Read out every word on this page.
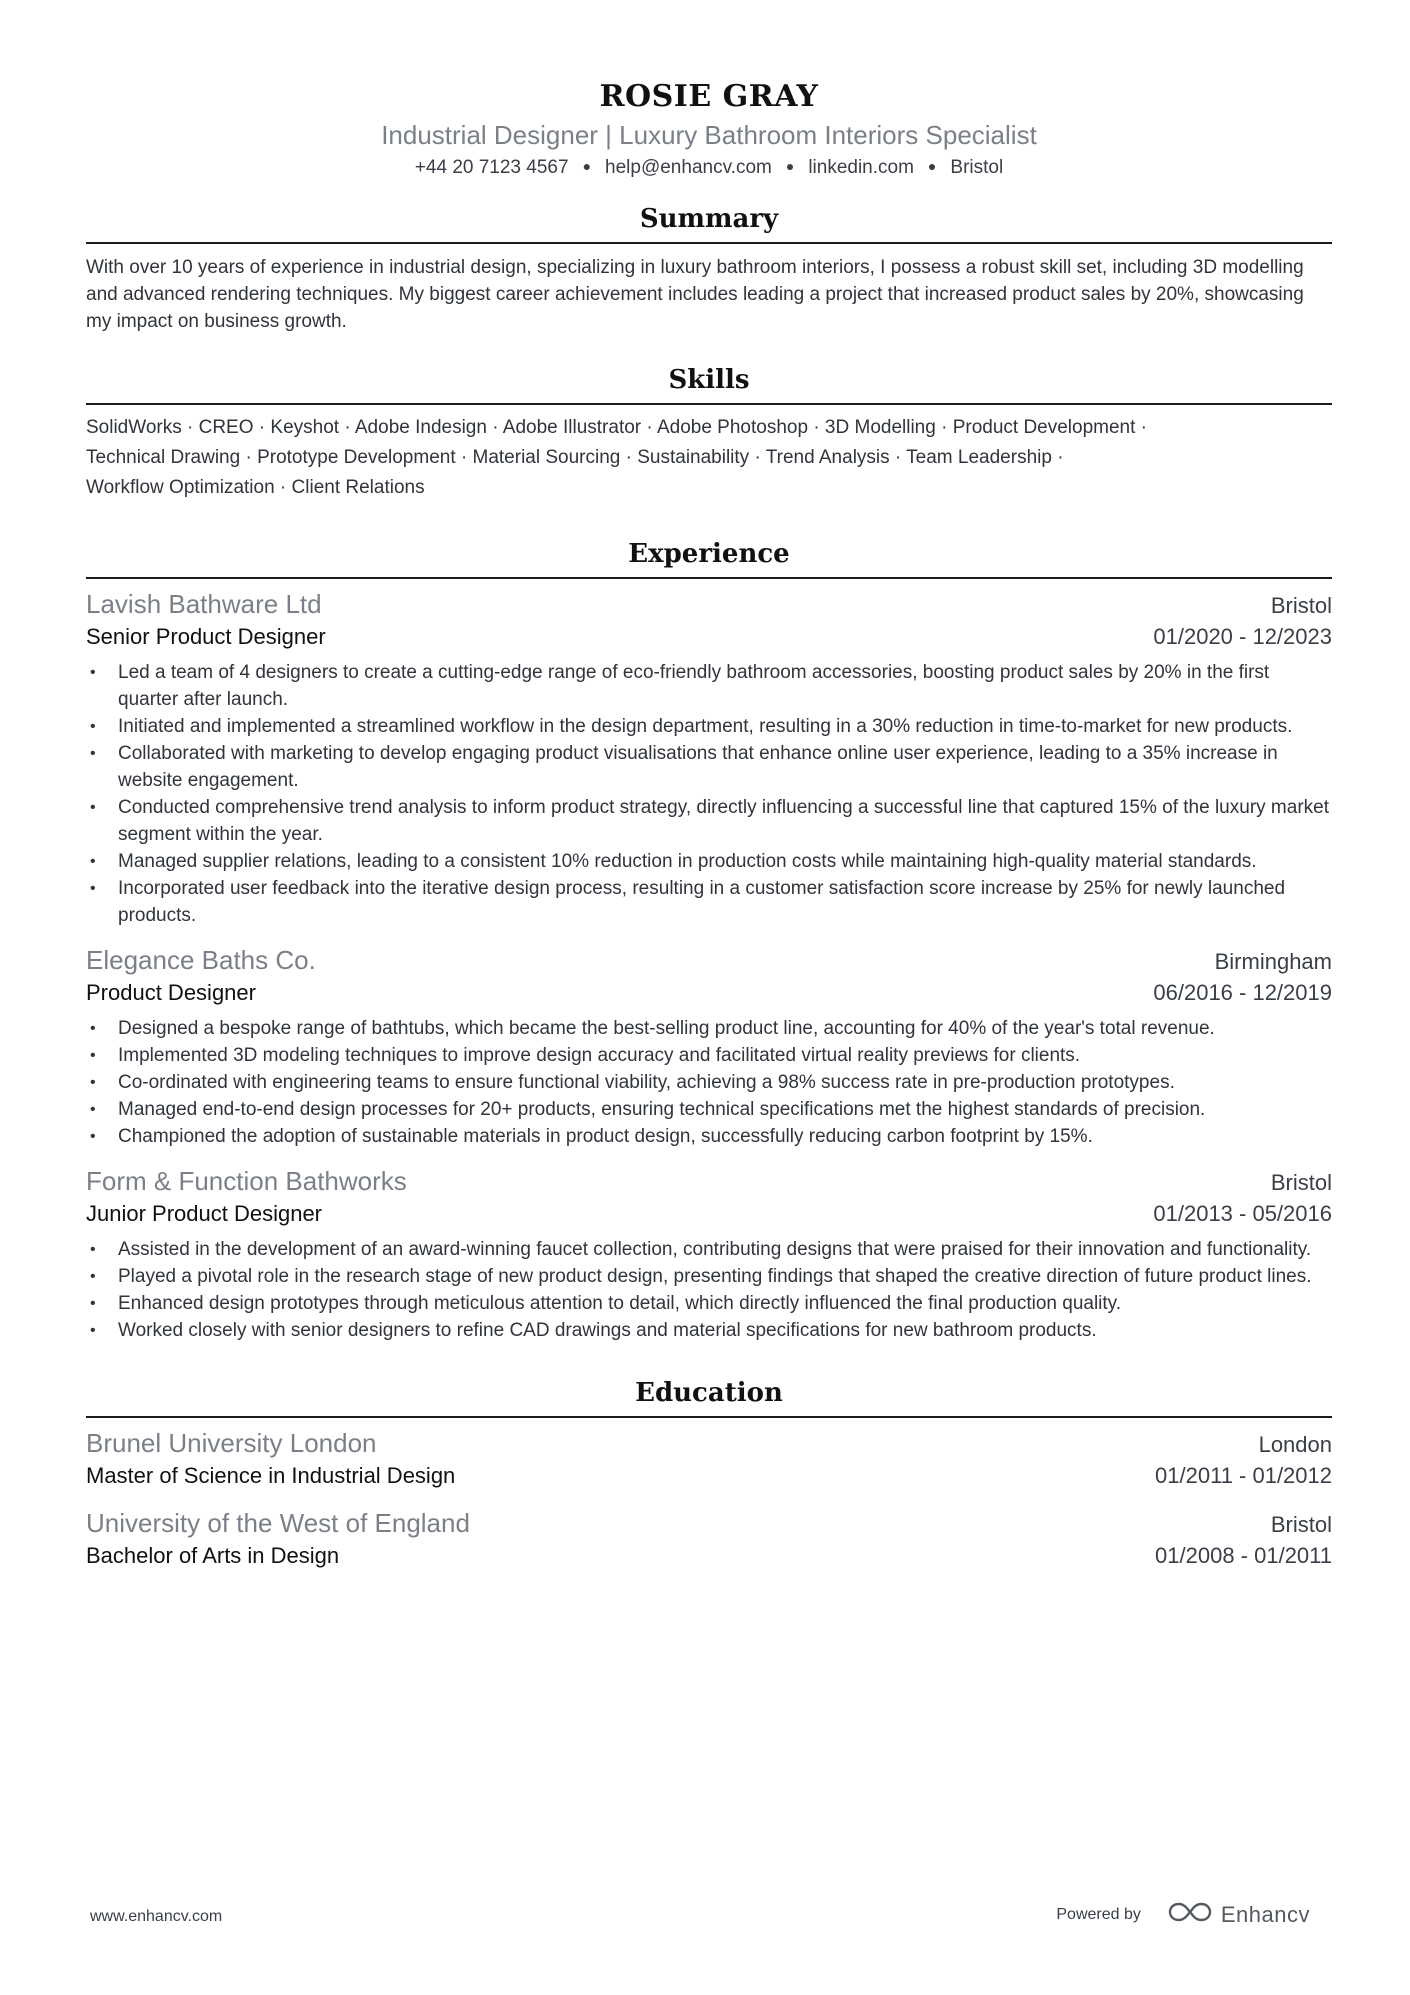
ROSIE GRAY
Industrial Designer | Luxury Bathroom Interiors Specialist
+44 20 7123 4567 ● help@enhancv.com ● linkedin.com ● Bristol
Summary
With over 10 years of experience in industrial design, specializing in luxury bathroom interiors, I possess a robust skill set, including 3D modelling and advanced rendering techniques. My biggest career achievement includes leading a project that increased product sales by 20%, showcasing my impact on business growth.
Skills
SolidWorks · CREO · Keyshot · Adobe Indesign · Adobe Illustrator · Adobe Photoshop · 3D Modelling · Product Development ·
Technical Drawing · Prototype Development · Material Sourcing · Sustainability · Trend Analysis · Team Leadership ·
Workflow Optimization · Client Relations
Experience
Lavish Bathware Ltd	Bristol
Senior Product Designer	01/2020 - 12/2023
• Led a team of 4 designers to create a cutting-edge range of eco-friendly bathroom accessories, boosting product sales by 20% in the first quarter after launch.
• Initiated and implemented a streamlined workflow in the design department, resulting in a 30% reduction in time-to-market for new products.
• Collaborated with marketing to develop engaging product visualisations that enhance online user experience, leading to a 35% increase in website engagement.
• Conducted comprehensive trend analysis to inform product strategy, directly influencing a successful line that captured 15% of the luxury market segment within the year.
• Managed supplier relations, leading to a consistent 10% reduction in production costs while maintaining high-quality material standards.
• Incorporated user feedback into the iterative design process, resulting in a customer satisfaction score increase by 25% for newly launched products.
Elegance Baths Co.	Birmingham
Product Designer	06/2016 - 12/2019
• Designed a bespoke range of bathtubs, which became the best-selling product line, accounting for 40% of the year's total revenue.
• Implemented 3D modeling techniques to improve design accuracy and facilitated virtual reality previews for clients.
• Co-ordinated with engineering teams to ensure functional viability, achieving a 98% success rate in pre-production prototypes.
• Managed end-to-end design processes for 20+ products, ensuring technical specifications met the highest standards of precision.
• Championed the adoption of sustainable materials in product design, successfully reducing carbon footprint by 15%.
Form & Function Bathworks	Bristol
Junior Product Designer	01/2013 - 05/2016
• Assisted in the development of an award-winning faucet collection, contributing designs that were praised for their innovation and functionality.
• Played a pivotal role in the research stage of new product design, presenting findings that shaped the creative direction of future product lines.
• Enhanced design prototypes through meticulous attention to detail, which directly influenced the final production quality.
• Worked closely with senior designers to refine CAD drawings and material specifications for new bathroom products.
Education
Brunel University London	London
Master of Science in Industrial Design	01/2011 - 01/2012
University of the West of England	Bristol
Bachelor of Arts in Design	01/2008 - 01/2011
www.enhancv.com	Powered by	Enhancv
